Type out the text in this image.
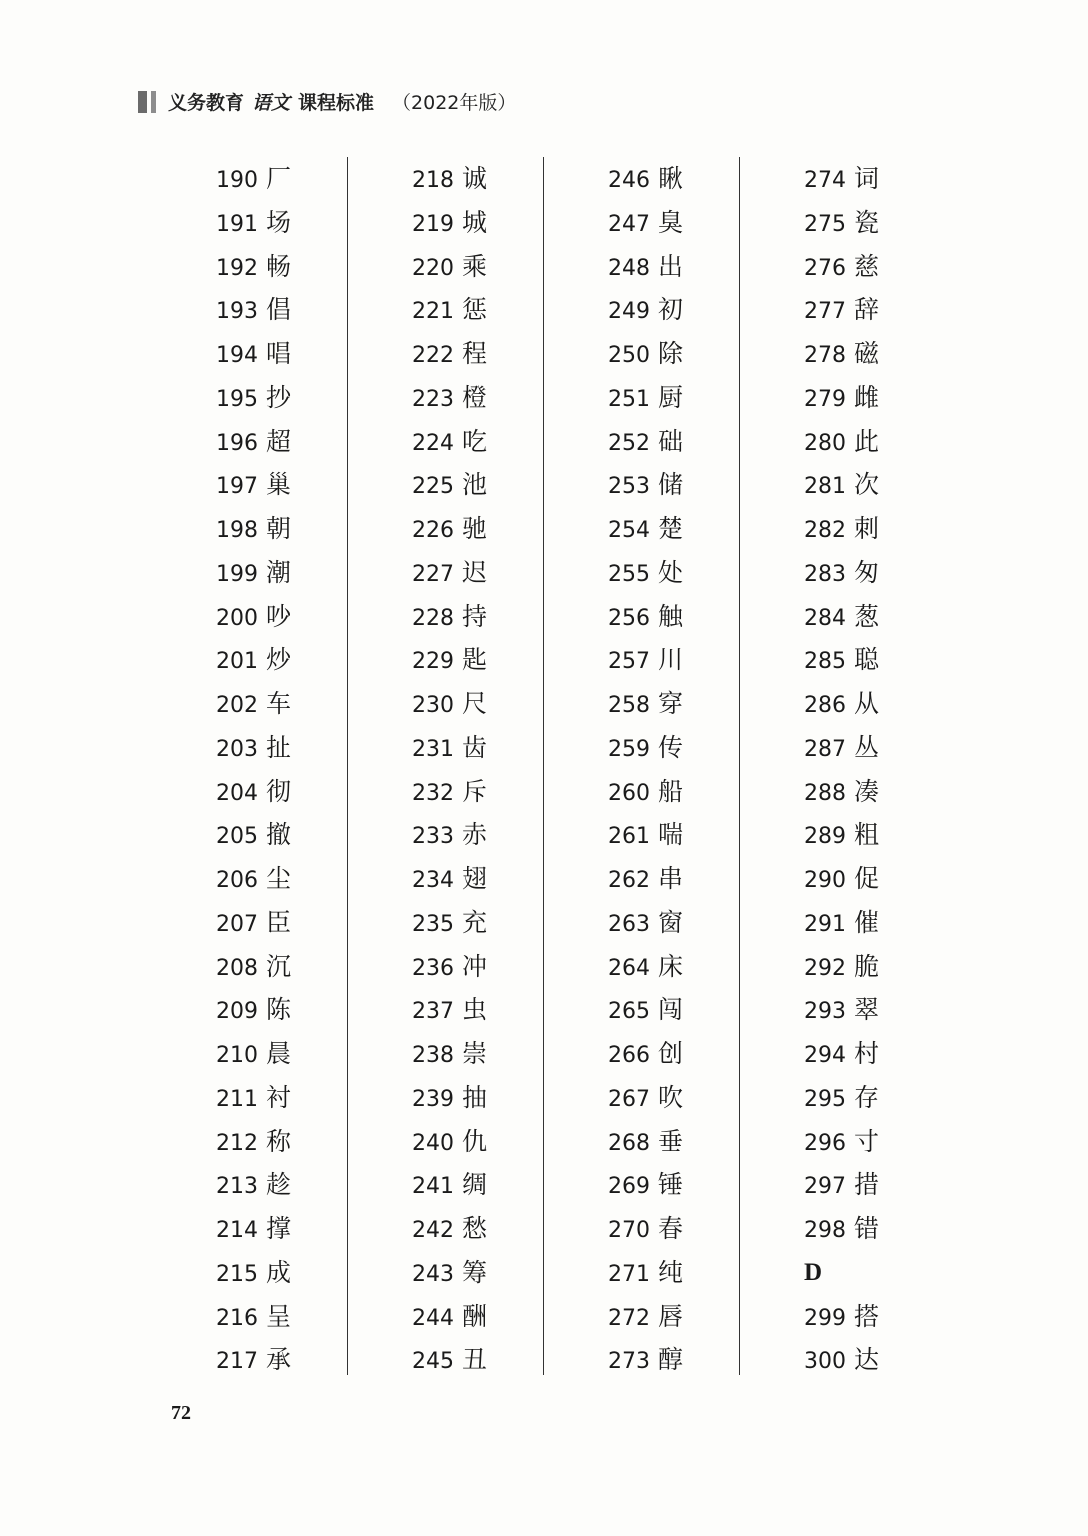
义务教育 语文 课程标准 （2022年版）
190 厂
191 场
192 畅
193 倡
194 唱
195 抄
196 超
197 巢
198 朝
199 潮
200 吵
201 炒
202 车
203 扯
204 彻
205 撤
206 尘
207 臣
208 沉
209 陈
210 晨
211 衬
212 称
213 趁
214 撑
215 成
216 呈
217 承
218 诚
219 城
220 乘
221 惩
222 程
223 橙
224 吃
225 池
226 驰
227 迟
228 持
229 匙
230 尺
231 齿
232 斥
233 赤
234 翅
235 充
236 冲
237 虫
238 崇
239 抽
240 仇
241 绸
242 愁
243 筹
244 酬
245 丑
246 瞅
247 臭
248 出
249 初
250 除
251 厨
252 础
253 储
254 楚
255 处
256 触
257 川
258 穿
259 传
260 船
261 喘
262 串
263 窗
264 床
265 闯
266 创
267 吹
268 垂
269 锤
270 春
271 纯
272 唇
273 醇
274 词
275 瓷
276 慈
277 辞
278 磁
279 雌
280 此
281 次
282 刺
283 匆
284 葱
285 聪
286 从
287 丛
288 凑
289 粗
290 促
291 催
292 脆
293 翠
294 村
295 存
296 寸
297 措
298 错
D
299 搭
300 达
72
